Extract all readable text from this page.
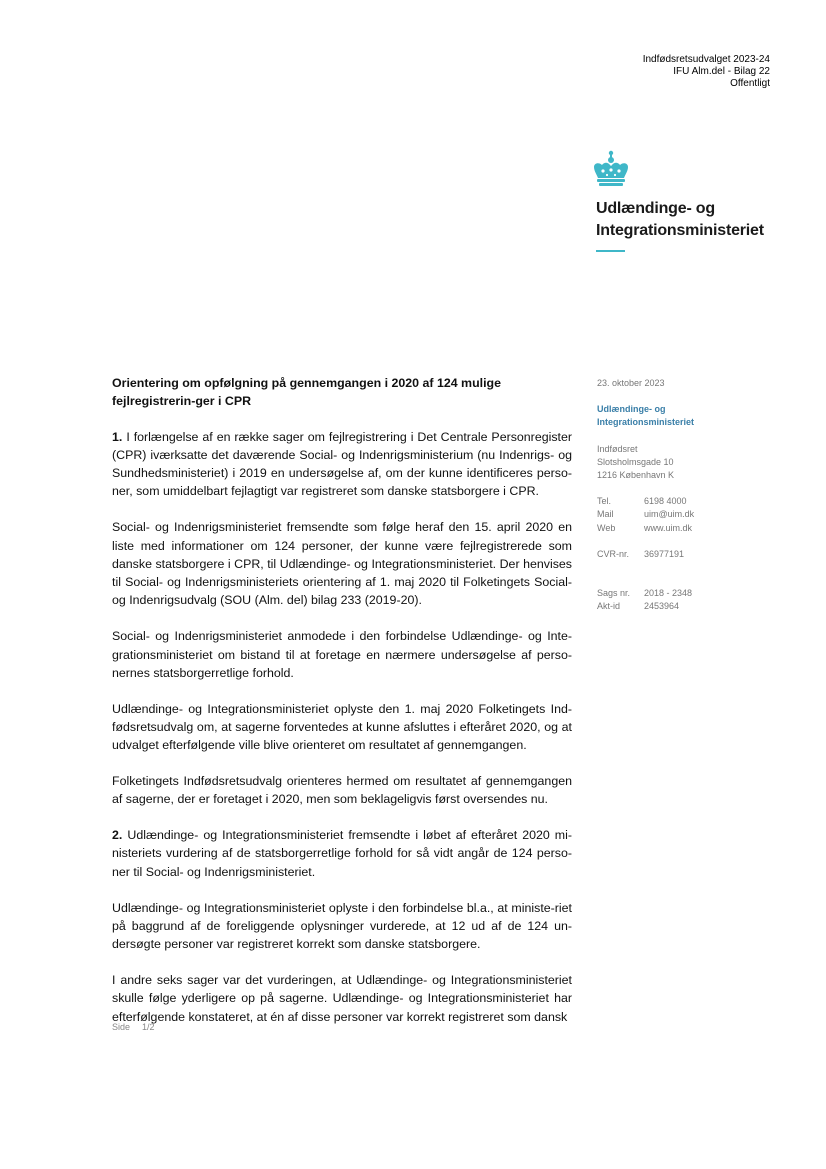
Indfødsretsudvalget 2023-24
IFU Alm.del - Bilag 22
Offentligt
Udlændinge- og
Integrationsministeriet
Orientering om opfølgning på gennemgangen i 2020 af 124 mulige fejlregistrerin-ger i CPR
1. I forlængelse af en række sager om fejlregistrering i Det Centrale Personregister (CPR) iværksatte det daværende Social- og Indenrigsministerium (nu Indenrigs- og Sundhedsministeriet) i 2019 en undersøgelse af, om der kunne identificeres perso-ner, som umiddelbart fejlagtigt var registreret som danske statsborgere i CPR.
Social- og Indenrigsministeriet fremsendte som følge heraf den 15. april 2020 en liste med informationer om 124 personer, der kunne være fejlregistrerede som danske statsborgere i CPR, til Udlændinge- og Integrationsministeriet. Der henvises til Social- og Indenrigsministeriets orientering af 1. maj 2020 til Folketingets Social- og Indenrigsudvalg (SOU (Alm. del) bilag 233 (2019-20).
Social- og Indenrigsministeriet anmodede i den forbindelse Udlændinge- og Inte-grationsministeriet om bistand til at foretage en nærmere undersøgelse af perso-nernes statsborgerretlige forhold.
Udlændinge- og Integrationsministeriet oplyste den 1. maj 2020 Folketingets Ind-fødsretsudvalg om, at sagerne forventedes at kunne afsluttes i efteråret 2020, og at udvalget efterfølgende ville blive orienteret om resultatet af gennemgangen.
Folketingets Indfødsretsudvalg orienteres hermed om resultatet af gennemgangen af sagerne, der er foretaget i 2020, men som beklageligvis først oversendes nu.
2. Udlændinge- og Integrationsministeriet fremsendte i løbet af efteråret 2020 mi-nisteriets vurdering af de statsborgerretlige forhold for så vidt angår de 124 perso-ner til Social- og Indenrigsministeriet.
Udlændinge- og Integrationsministeriet oplyste i den forbindelse bl.a., at ministe-riet på baggrund af de foreliggende oplysninger vurderede, at 12 ud af de 124 un-dersøgte personer var registreret korrekt som danske statsborgere.
I andre seks sager var det vurderingen, at Udlændinge- og Integrationsministeriet skulle følge yderligere op på sagerne. Udlændinge- og Integrationsministeriet har efterfølgende konstateret, at én af disse personer var korrekt registreret som dansk
23. oktober 2023
Udlændinge- og
Integrationsministeriet
Indfødsret
Slotsholmsgade 10
1216 København K
Tel.	6198 4000
Mail	uim@uim.dk
Web	www.uim.dk
CVR-nr.	36977191
Sags nr.	2018 - 2348
Akt-id	2453964
Side 1/2
